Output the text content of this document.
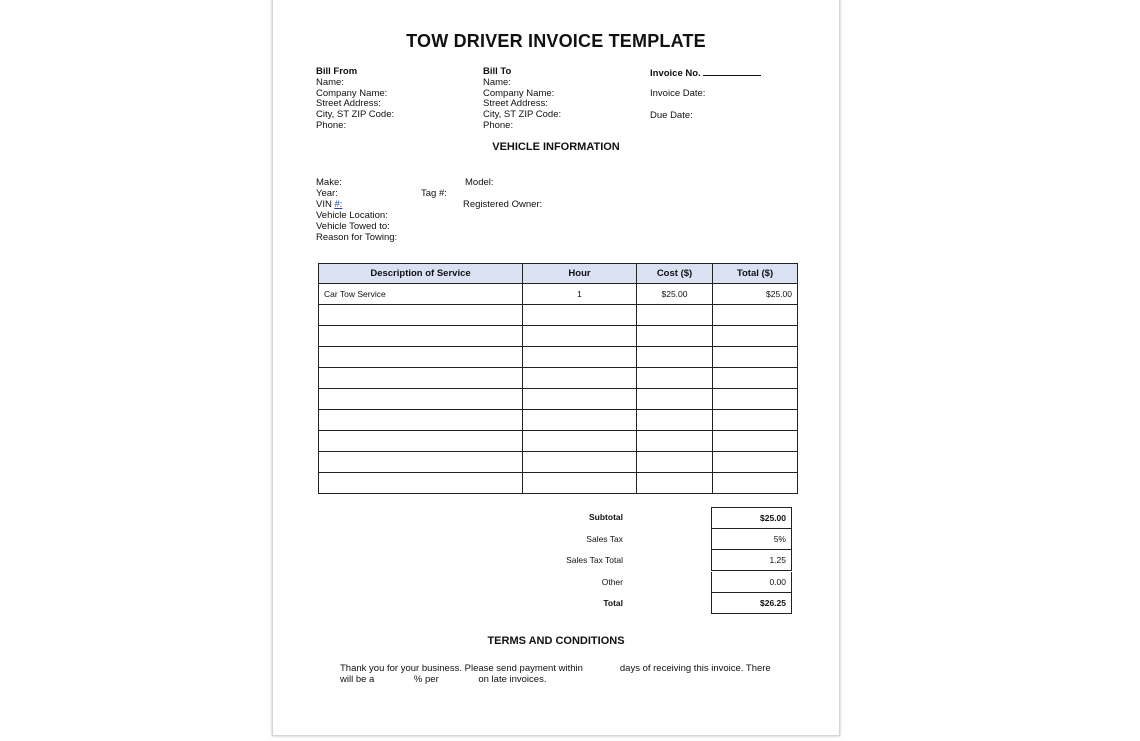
TOW DRIVER INVOICE TEMPLATE
Bill From
Name:
Company Name:
Street Address:
City, ST ZIP Code:
Phone:
Bill To
Name:
Company Name:
Street Address:
City, ST ZIP Code:
Phone:
Invoice No.
Invoice Date:
Due Date:
VEHICLE INFORMATION
Make:
Year:
VIN #:
Vehicle Location:
Vehicle Towed to:
Reason for Towing:
Tag #:
Model:
Registered Owner:
Description of Service	Hour	Cost ($)	Total ($)
Car Tow Service	1	$25.00	$25.00

Subtotal	$25.00
Sales Tax	5%
Sales Tax Total	1.25
Other	0.00
Total	$26.25
TERMS AND CONDITIONS
Thank you for your business. Please send payment within	days of receiving this invoice. There
will be a	% per	on late invoices.
